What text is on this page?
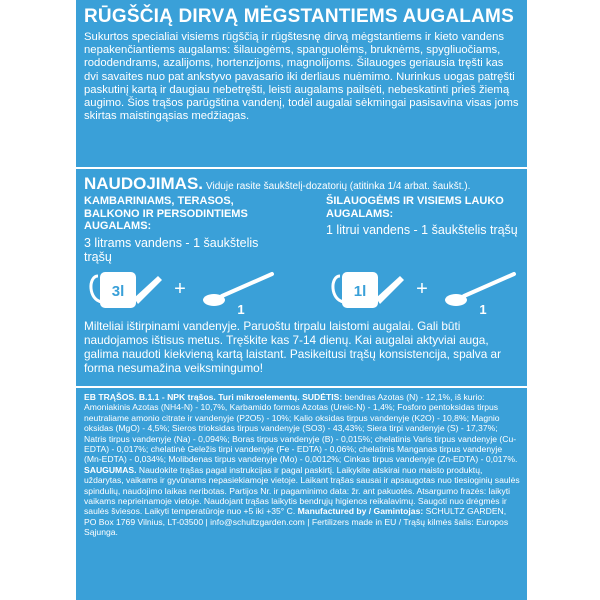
RŪGŠČIĄ DIRVĄ MĖGSTANTIEMS AUGALAMS
Sukurtos specialiai visiems rūgščią ir rūgštesnę dirvą mėgstantiems ir kieto vandens nepakenčiantiems augalams: šilauogėms, spanguolėms, bruknėms, spygliuočiams, rododendrams, azalijoms, hortenzijoms, magnolijoms. Šilauoges geriausia tręšti kas dvi savaites nuo pat ankstyvo pavasario iki derliaus nuėmimo. Nurinkus uogas patręšti paskutinį kartą ir daugiau nebetręšti, leisti augalams pailsėti, nebeskatinti prieš žiemą augimo. Šios trąšos parūgština vandenį, todėl augalai sėkmingai pasisavina visas joms skirtas maistingąsias medžiagas.
NAUDOJIMAS. Viduje rasite šaukštelį-dozatorių (atitinka 1/4 arbat. šaukšt.).
KAMBARINIAMS, TERASOS, BALKONO IR PERSODINTIEMS AUGALAMS:
3 litrams vandens - 1 šaukštelis trąšų
ŠILAUOGĖMS IR VISIEMS LAUKO AUGALAMS:
1 litrui vandens - 1 šaukštelis trąšų
3l +
1
1l +
1
Milteliai ištirpinami vandenyje. Paruoštu tirpalu laistomi augalai. Gali būti naudojamos ištisus metus. Tręškite kas 7-14 dienų. Kai augalai aktyviai auga, galima naudoti kiekvieną kartą laistant. Pasikeitusi trąšų konsistencija, spalva ar forma nesumažina veiksmingumo!
EB TRĄŠOS. B.1.1 - NPK trąšos. Turi mikroelementų. SUDĖTIS: bendras Azotas (N) - 12,1%, iš kurio: Amoniakinis Azotas (NH4-N) - 10,7%, Karbamido formos Azotas (Ureic-N) - 1,4%; Fosforo pentoksidas tirpus neutraliame amonio citrate ir vandenyje (P2O5) - 10%; Kalio oksidas tirpus vandenyje (K2O) - 10,8%; Magnio oksidas (MgO) - 4,5%; Sieros trioksidas tirpus vandenyje (SO3) - 43,43%; Siera tirpi vandenyje (S) - 17,37%; Natris tirpus vandenyje (Na) - 0,094%; Boras tirpus vandenyje (B) - 0,015%; chelatinis Varis tirpus vandenyje (Cu-EDTA) - 0,017%; chelatinė Geležis tirpi vandenyje (Fe - EDTA) - 0,06%; chelatinis Manganas tirpus vandenyje (Mn-EDTA) - 0,034%; Molibdenas tirpus vandenyje (Mo) - 0,0012%; Cinkas tirpus vandenyje (Zn-EDTA) - 0,017%. SAUGUMAS. Naudokite trąšas pagal instrukcijas ir pagal paskirtį. Laikykite atskirai nuo maisto produktų, uždarytas, vaikams ir gyvūnams nepasiekiamoje vietoje. Laikant trąšas sausai ir apsaugotas nuo tiesioginių saulės spindulių, naudojimo laikas neribotas. Partijos Nr. ir pagaminimo data: žr. ant pakuotės. Atsargumo frazės: laikyti vaikams neprieinamoje vietoje. Naudojant trąšas laikytis bendrųjų higienos reikalavimų. Saugoti nuo drėgmės ir saulės šviesos. Laikyti temperatūroje nuo +5 iki +35° C. Manufactured by / Gamintojas: SCHULTZ GARDEN, PO Box 1769 Vilnius, LT-03500 | info@schultzgarden.com | Fertilizers made in EU / Trąšų kilmės šalis: Europos Sąjunga.
